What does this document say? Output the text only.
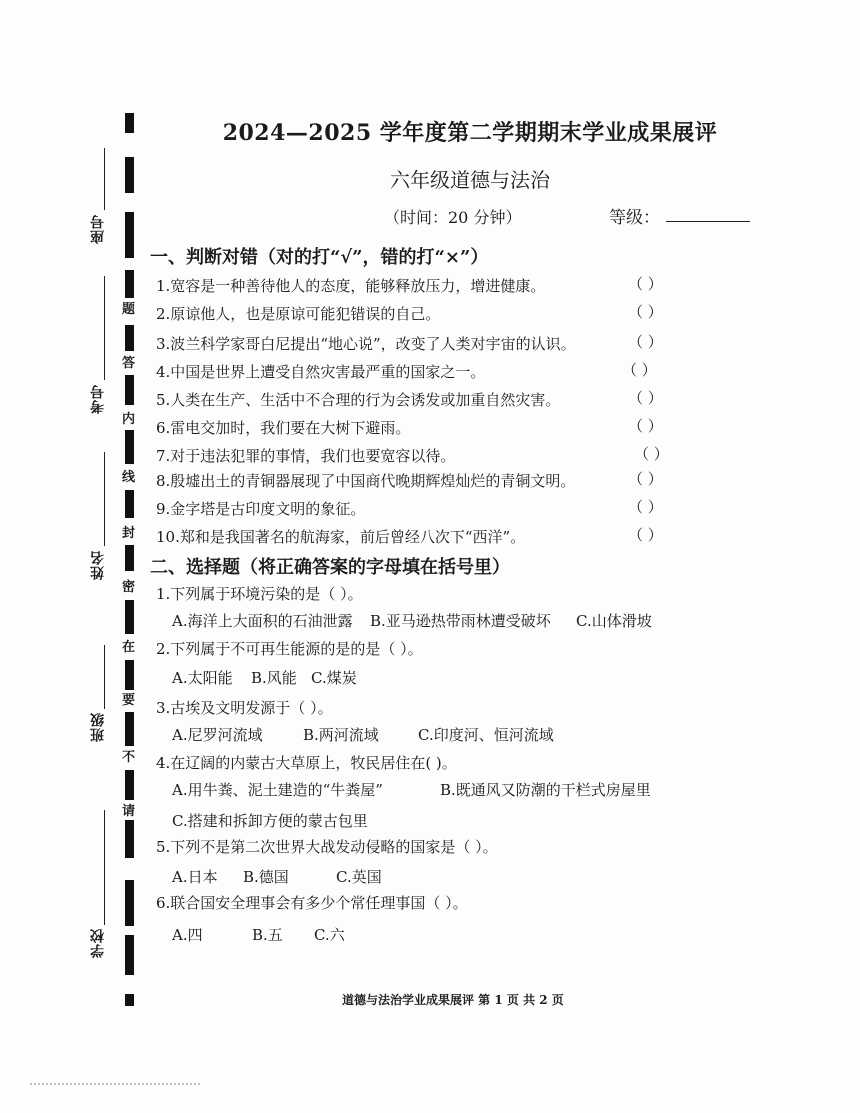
题
答
内
线
封
密
在
要
不
请
座号
考号
姓名
班级
学校
2024—2025 学年度第二学期期末学业成果展评
六年级道德与法治
（时间：20 分钟）	等级：
一、判断对错（对的打“√”，错的打“×”）
1.宽容是一种善待他人的态度，能够释放压力，增进健康。	（ ）
2.原谅他人，也是原谅可能犯错误的自己。	（ ）
3.波兰科学家哥白尼提出“地心说”，改变了人类对宇宙的认识。	（ ）
4.中国是世界上遭受自然灾害最严重的国家之一。	（ ）
5.人类在生产、生活中不合理的行为会诱发或加重自然灾害。	（ ）
6.雷电交加时，我们要在大树下避雨。	（ ）
7.对于违法犯罪的事情，我们也要宽容以待。	（ ）
8.殷墟出土的青铜器展现了中国商代晚期辉煌灿烂的青铜文明。	（ ）
9.金字塔是古印度文明的象征。	（ ）
10.郑和是我国著名的航海家，前后曾经八次下“西洋”。	（ ）
二、选择题（将正确答案的字母填在括号里）
1.下列属于环境污染的是（ ）。
A.海洋上大面积的石油泄露 B.亚马逊热带雨林遭受破坏 C.山体滑坡
2.下列属于不可再生能源的是的是（ ）。
A.太阳能 B.风能 C.煤炭
3.古埃及文明发源于（ ）。
A.尼罗河流域	B.两河流域	C.印度河、恒河流域
4.在辽阔的内蒙古大草原上，牧民居住在( )。
A.用牛粪、泥土建造的“牛粪屋”	B.既通风又防潮的干栏式房屋里
C.搭建和拆卸方便的蒙古包里
5.下列不是第二次世界大战发动侵略的国家是（ ）。
A.日本 B.德国	C.英国
6.联合国安全理事会有多少个常任理事国（ ）。
A.四	B.五 C.六
道德与法治学业成果展评 第 1 页 共 2 页
